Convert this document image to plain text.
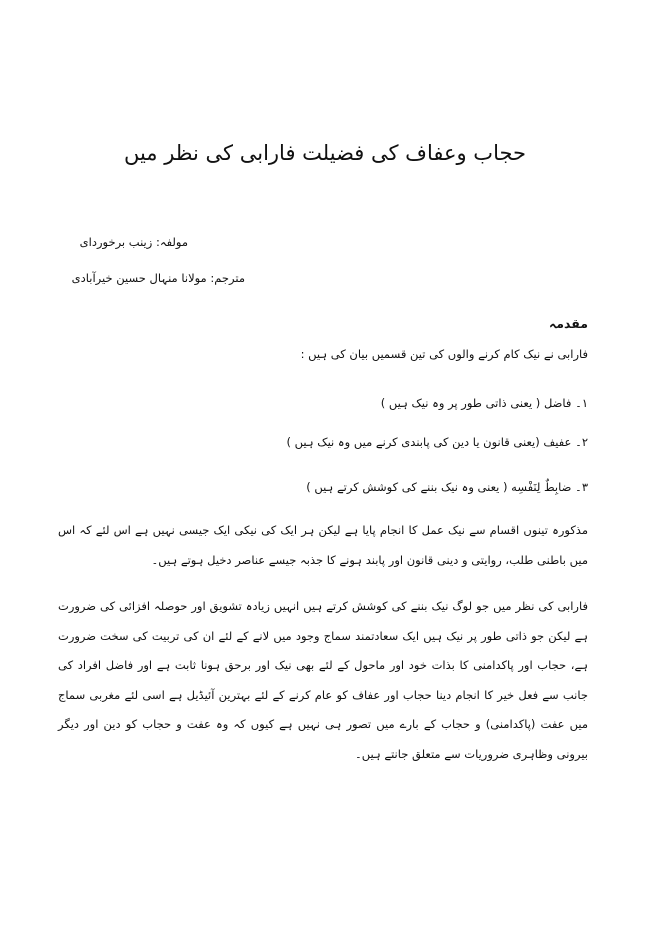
حجاب وعفاف کی فضیلت فارابی کی نظر میں
مولفہ: زینب برخوردای
مترجم: مولانا منہال حسین خیرآبادی
مقدمہ
فارابی نے نیک کام کرنے والوں کی تین قسمیں بیان کی ہیں :
١۔ فاضل ( یعنی ذاتی طور پر وہ نیک ہیں )
٢۔ عفیف (یعنی قانون یا دین کی پابندی کرنے میں وہ نیک ہیں )
٣۔ ضابِطٌ لِنَفْسِه ( یعنی وہ نیک بننے کی کوشش کرتے ہیں )
مذکورہ تینوں اقسام سے نیک عمل کا انجام پایا ہے لیکن ہر ایک کی نیکی ایک جیسی نہیں ہے اس لئے کہ اس میں باطنی طلب، روایتی و دینی قانون اور پابند ہونے کا جذبہ جیسے عناصر دخیل ہوتے ہیں۔
فارابی کی نظر میں جو لوگ نیک بننے کی کوشش کرتے ہیں انہیں زیادہ تشویق اور حوصلہ افزائی کی ضرورت ہے لیکن جو ذاتی طور پر نیک ہیں ایک سعادتمند سماج وجود میں لانے کے لئے ان کی تربیت کی سخت ضرورت ہے، حجاب اور پاکدامنی کا بذات خود اور ماحول کے لئے بھی نیک اور برحق ہونا ثابت ہے اور فاضل افراد کی جانب سے فعل خیر کا انجام دینا حجاب اور عفاف کو عام کرنے کے لئے بہترین آئیڈیل ہے اسی لئے مغربی سماج میں عفت (پاکدامنی) و حجاب کے بارے میں تصور ہی نہیں ہے کیوں کہ وہ عفت و حجاب کو دین اور دیگر بیرونی وظاہری ضروریات سے متعلق جانتے ہیں۔
